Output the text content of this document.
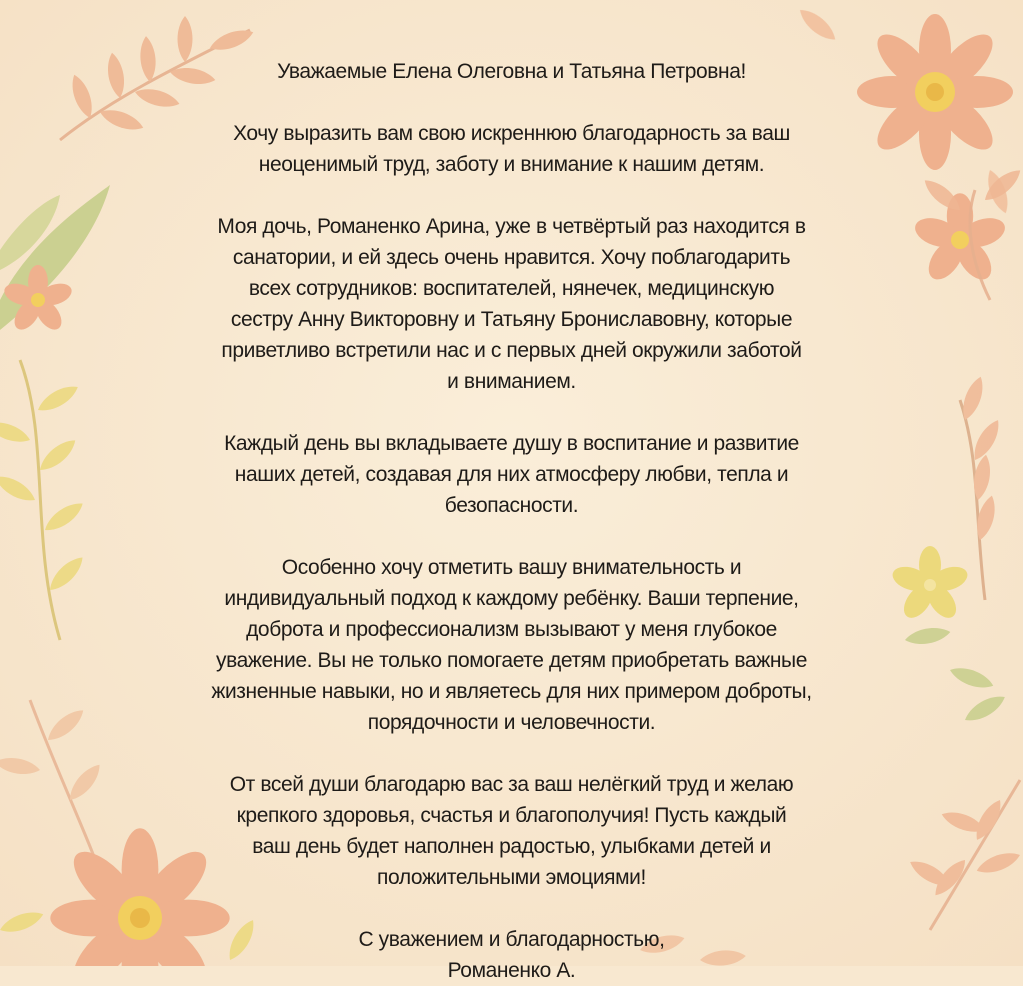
Уважаемые Елена Олеговна и Татьяна Петровна!

Хочу выразить вам свою искреннюю благодарность за ваш
неоценимый труд, заботу и внимание к нашим детям.

Моя дочь, Романенко Арина, уже в четвёртый раз находится в
санатории, и ей здесь очень нравится. Хочу поблагодарить
всех сотрудников: воспитателей, нянечек, медицинскую
сестру Анну Викторовну и Татьяну Брониславовну, которые
приветливо встретили нас и с первых дней окружили заботой
и вниманием.

Каждый день вы вкладываете душу в воспитание и развитие
наших детей, создавая для них атмосферу любви, тепла и
безопасности.

Особенно хочу отметить вашу внимательность и
индивидуальный подход к каждому ребёнку. Ваши терпение,
доброта и профессионализм вызывают у меня глубокое
уважение. Вы не только помогаете детям приобретать важные
жизненные навыки, но и являетесь для них примером доброты,
порядочности и человечности.

От всей души благодарю вас за ваш нелёгкий труд и желаю
крепкого здоровья, счастья и благополучия! Пусть каждый
ваш день будет наполнен радостью, улыбками детей и
положительными эмоциями!

С уважением и благодарностью,
Романенко А.
